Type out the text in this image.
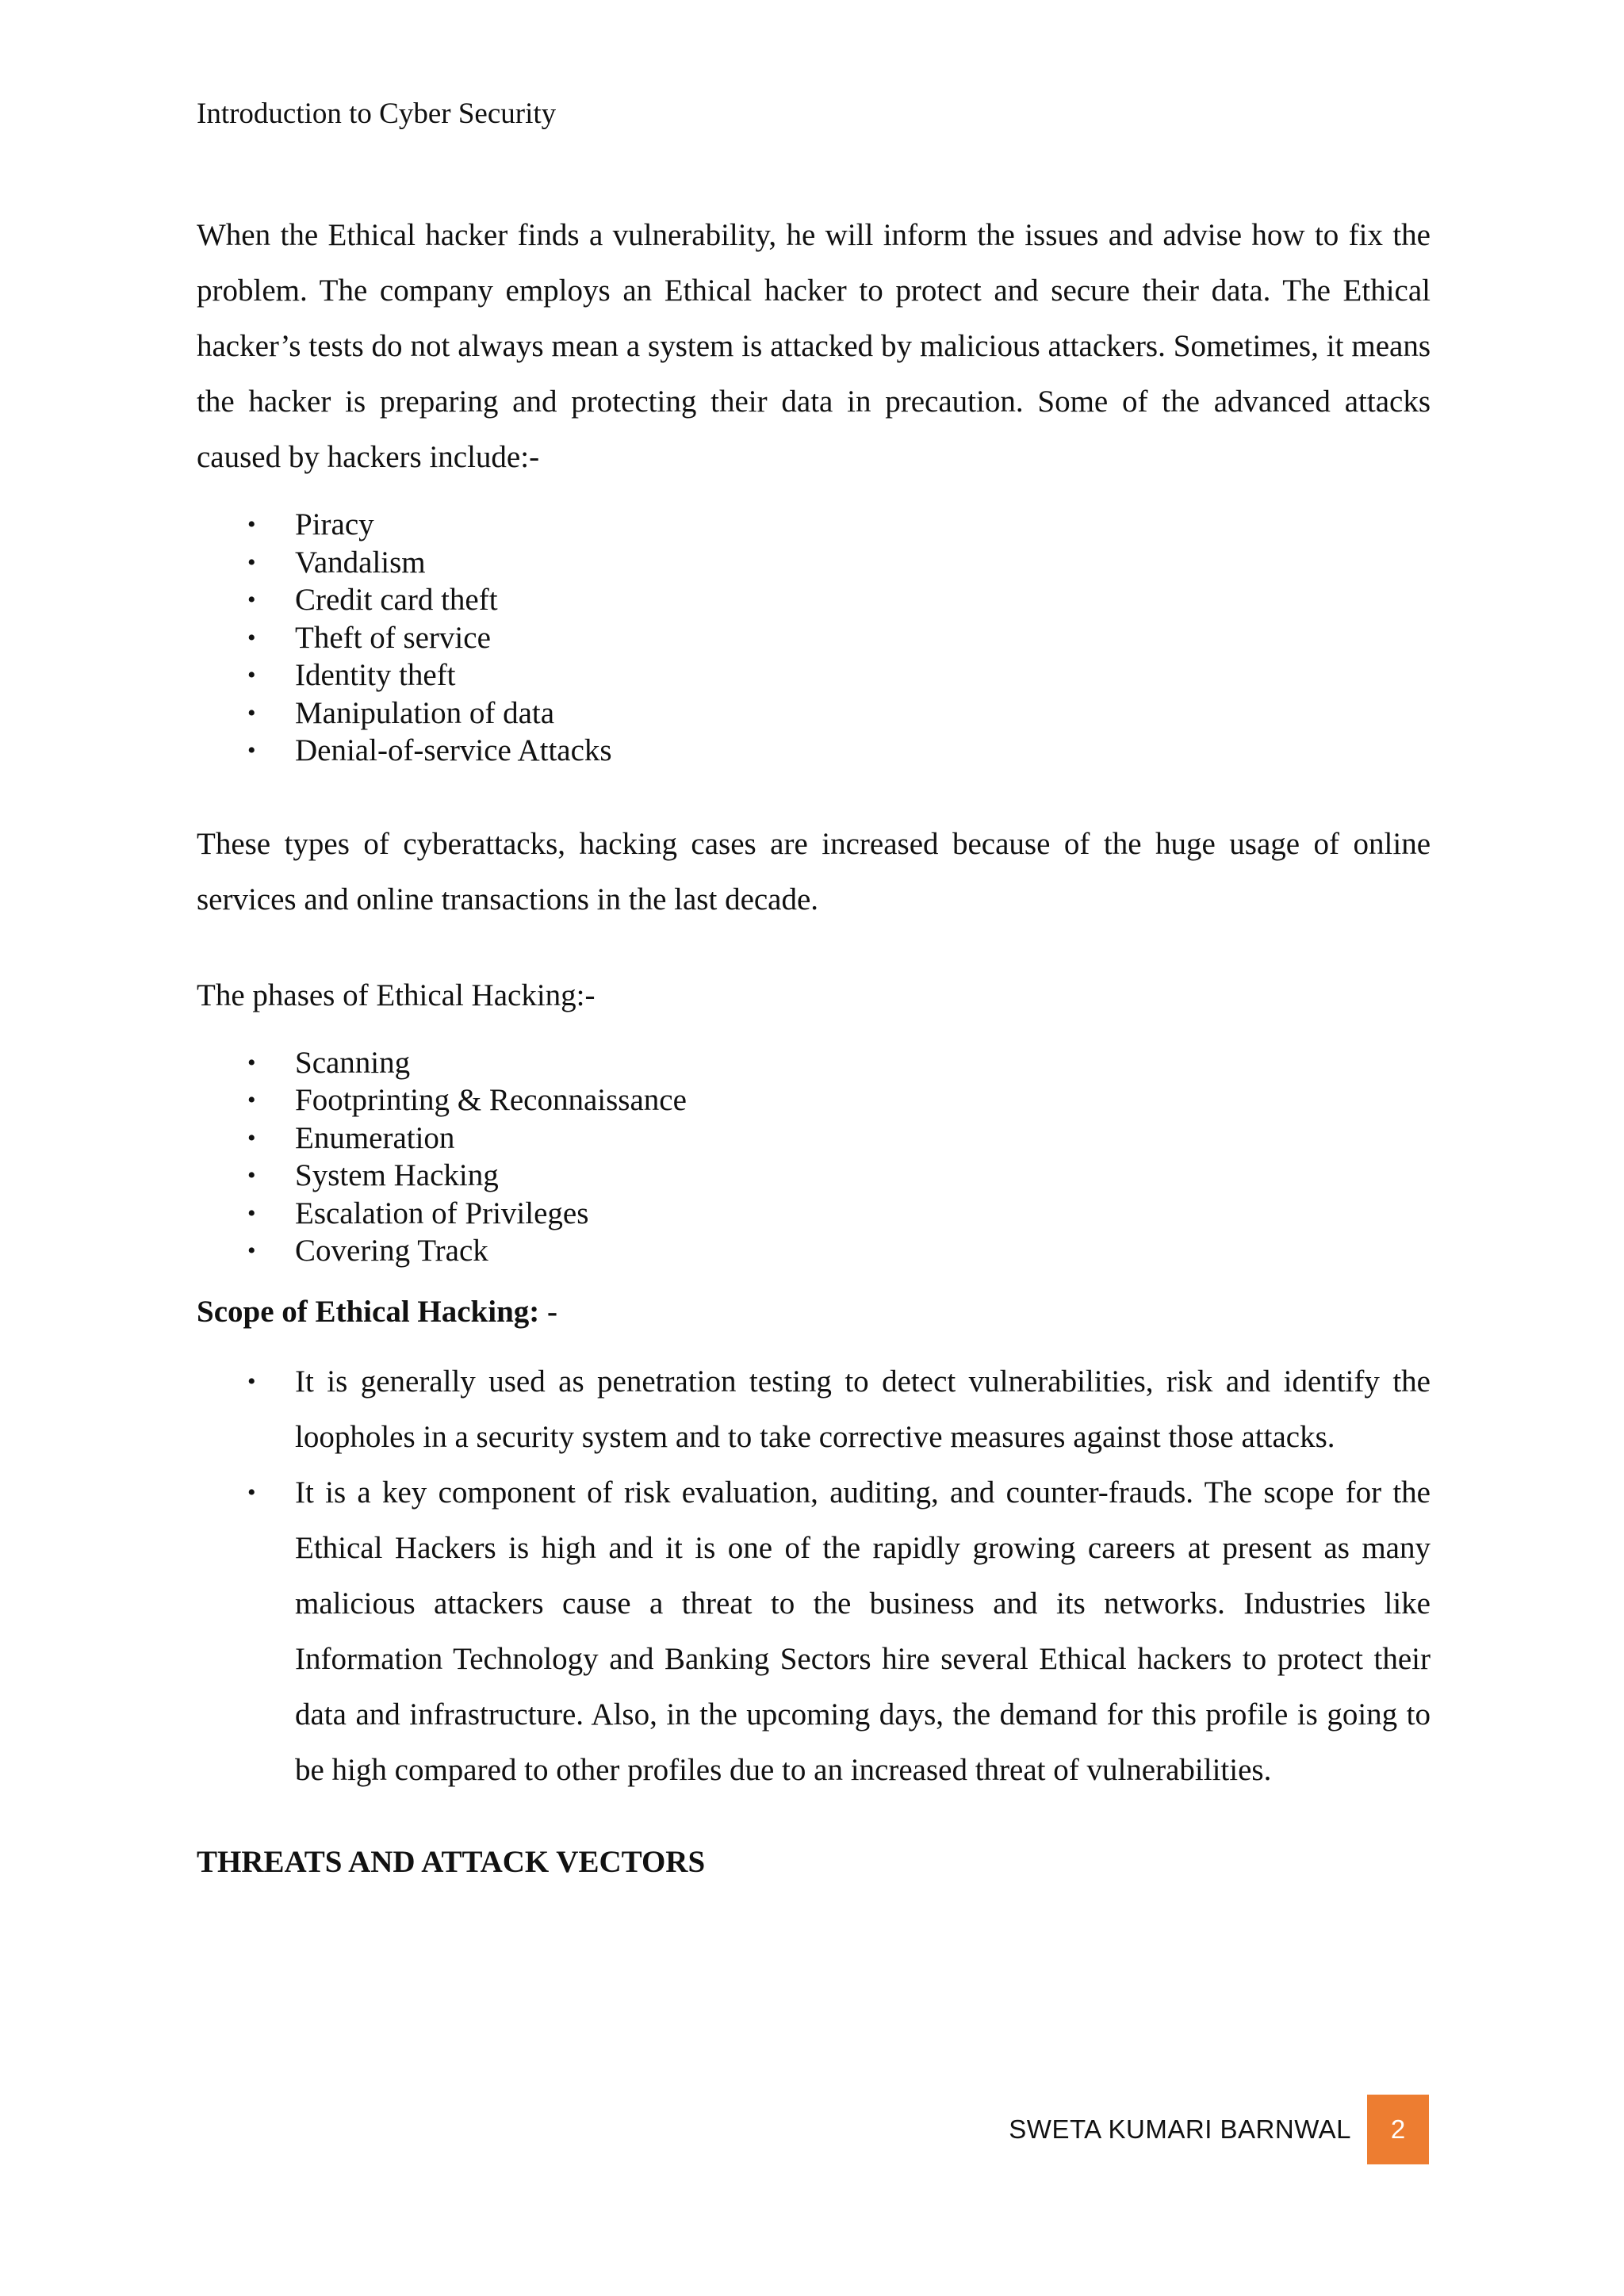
Introduction to Cyber Security

When the Ethical hacker finds a vulnerability, he will inform the issues and advise how to fix the problem. The company employs an Ethical hacker to protect and secure their data. The Ethical hacker’s tests do not always mean a system is attacked by malicious attackers. Sometimes, it means the hacker is preparing and protecting their data in precaution. Some of the advanced attacks caused by hackers include:-

• Piracy
• Vandalism
• Credit card theft
• Theft of service
• Identity theft
• Manipulation of data
• Denial-of-service Attacks

These types of cyberattacks, hacking cases are increased because of the huge usage of online services and online transactions in the last decade.

The phases of Ethical Hacking:-

• Scanning
• Footprinting & Reconnaissance
• Enumeration
• System Hacking
• Escalation of Privileges
• Covering Track

Scope of Ethical Hacking: -

• It is generally used as penetration testing to detect vulnerabilities, risk and identify the loopholes in a security system and to take corrective measures against those attacks.
• It is a key component of risk evaluation, auditing, and counter-frauds. The scope for the Ethical Hackers is high and it is one of the rapidly growing careers at present as many malicious attackers cause a threat to the business and its networks. Industries like Information Technology and Banking Sectors hire several Ethical hackers to protect their data and infrastructure. Also, in the upcoming days, the demand for this profile is going to be high compared to other profiles due to an increased threat of vulnerabilities.

THREATS AND ATTACK VECTORS

SWETA KUMARI BARNWAL	2
